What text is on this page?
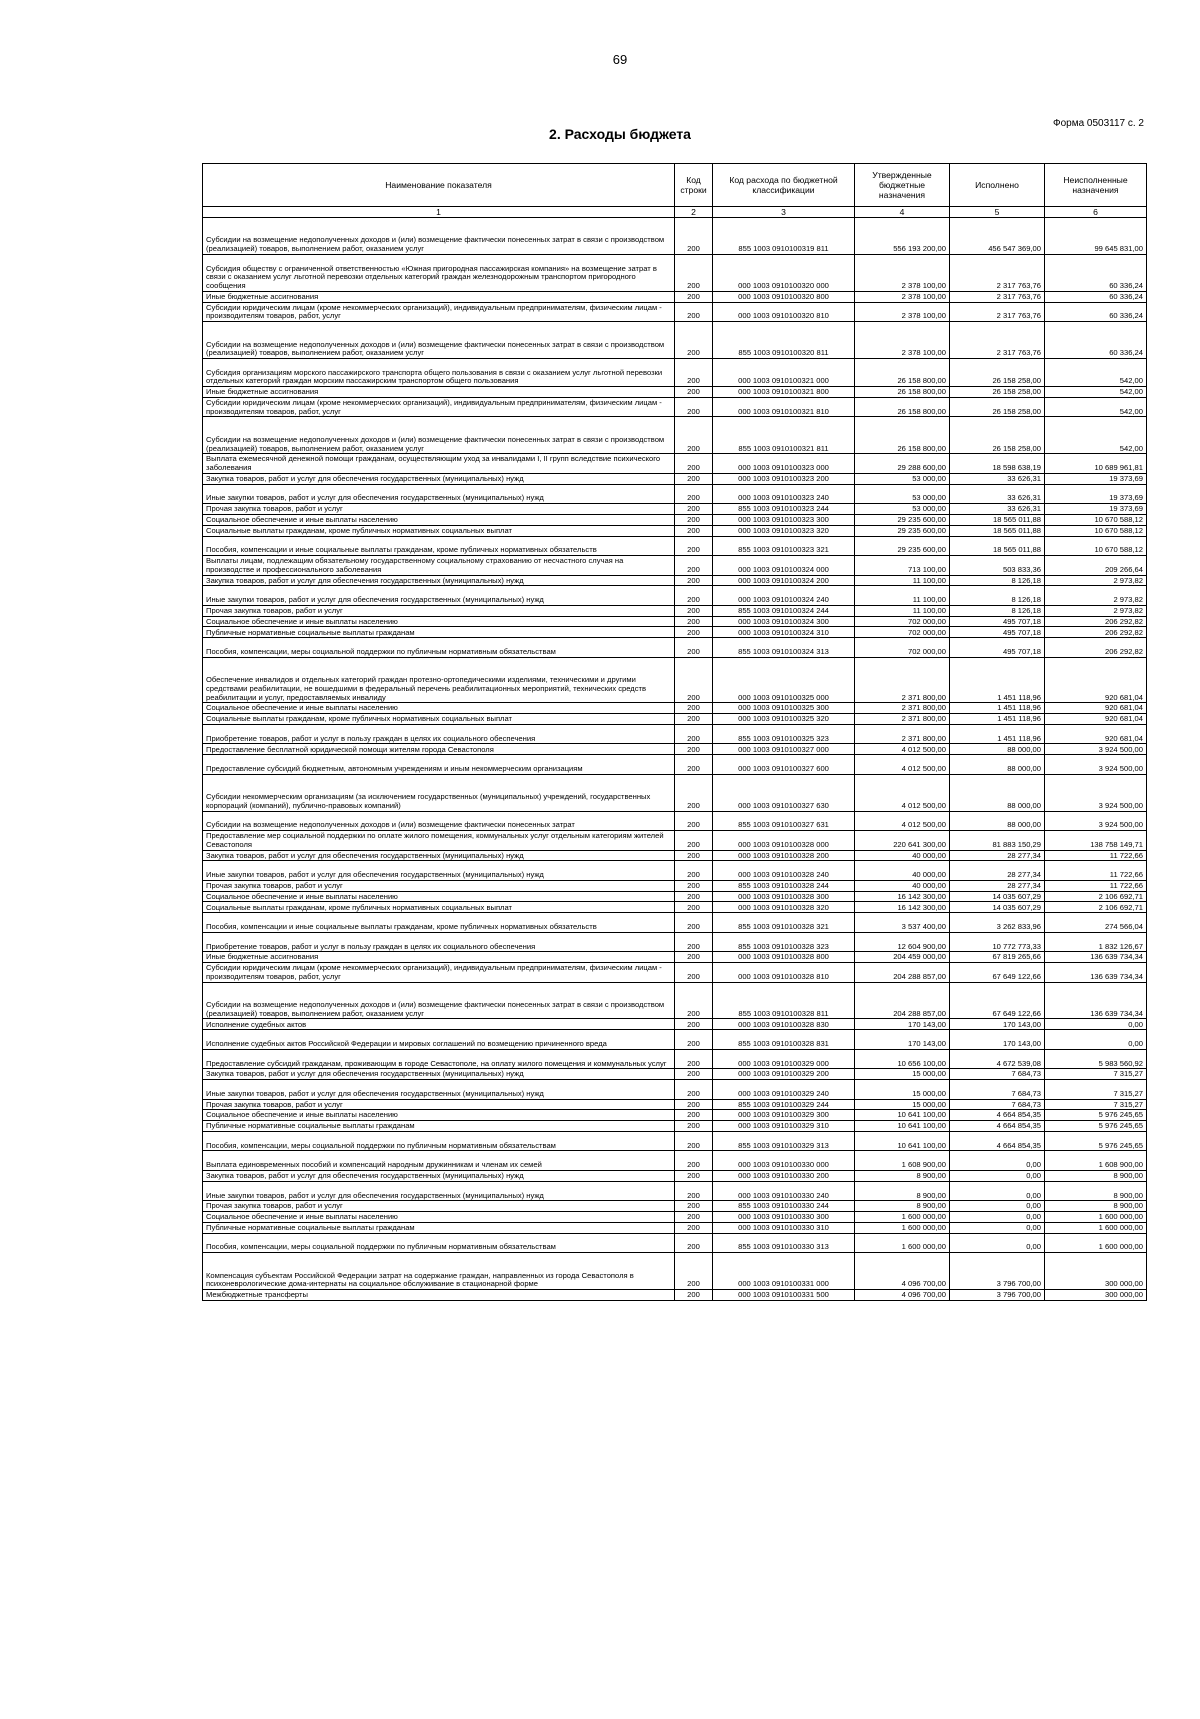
69
Форма 0503117 с. 2
2. Расходы бюджета
Наименование показателя	Код строки	Код расхода по бюджетной классификации	Утвержденные бюджетные назначения	Исполнено	Неисполненные назначения
1	2	3	4	5	6
Субсидии на возмещение недополученных доходов и (или) возмещение фактически понесенных затрат в связи с производством (реализацией) товаров, выполнением работ, оказанием услуг	200	855 1003 0910100319 811	556 193 200,00	456 547 369,00	99 645 831,00
Субсидия обществу с ограниченной ответственностью «Южная пригородная пассажирская компания» на возмещение затрат в связи с оказанием услуг льготной перевозки отдельных категорий граждан железнодорожным транспортом пригородного сообщения	200	000 1003 0910100320 000	2 378 100,00	2 317 763,76	60 336,24
Иные бюджетные ассигнования	200	000 1003 0910100320 800	2 378 100,00	2 317 763,76	60 336,24
Субсидии юридическим лицам (кроме некоммерческих организаций), индивидуальным предпринимателям, физическим лицам - производителям товаров, работ, услуг	200	000 1003 0910100320 810	2 378 100,00	2 317 763,76	60 336,24
Субсидии на возмещение недополученных доходов и (или) возмещение фактически понесенных затрат в связи с производством (реализацией) товаров, выполнением работ, оказанием услуг	200	855 1003 0910100320 811	2 378 100,00	2 317 763,76	60 336,24
Субсидия организациям морского пассажирского транспорта общего пользования в связи с оказанием услуг льготной перевозки отдельных категорий граждан морским пассажирским транспортом общего пользования	200	000 1003 0910100321 000	26 158 800,00	26 158 258,00	542,00
Иные бюджетные ассигнования	200	000 1003 0910100321 800	26 158 800,00	26 158 258,00	542,00
Субсидии юридическим лицам (кроме некоммерческих организаций), индивидуальным предпринимателям, физическим лицам - производителям товаров, работ, услуг	200	000 1003 0910100321 810	26 158 800,00	26 158 258,00	542,00
Субсидии на возмещение недополученных доходов и (или) возмещение фактически понесенных затрат в связи с производством (реализацией) товаров, выполнением работ, оказанием услуг	200	855 1003 0910100321 811	26 158 800,00	26 158 258,00	542,00
Выплата ежемесячной денежной помощи гражданам, осуществляющим уход за инвалидами I, II групп вследствие психического заболевания	200	000 1003 0910100323 000	29 288 600,00	18 598 638,19	10 689 961,81
Закупка товаров, работ и услуг для обеспечения государственных (муниципальных) нужд	200	000 1003 0910100323 200	53 000,00	33 626,31	19 373,69
Иные закупки товаров, работ и услуг для обеспечения государственных (муниципальных) нужд	200	000 1003 0910100323 240	53 000,00	33 626,31	19 373,69
Прочая закупка товаров, работ и услуг	200	855 1003 0910100323 244	53 000,00	33 626,31	19 373,69
Социальное обеспечение и иные выплаты населению	200	000 1003 0910100323 300	29 235 600,00	18 565 011,88	10 670 588,12
Социальные выплаты гражданам, кроме публичных нормативных социальных выплат	200	000 1003 0910100323 320	29 235 600,00	18 565 011,88	10 670 588,12
Пособия, компенсации и иные социальные выплаты гражданам, кроме публичных нормативных обязательств	200	855 1003 0910100323 321	29 235 600,00	18 565 011,88	10 670 588,12
Выплаты лицам, подлежащим обязательному государственному социальному страхованию от несчастного случая на производстве и профессионального заболевания	200	000 1003 0910100324 000	713 100,00	503 833,36	209 266,64
Закупка товаров, работ и услуг для обеспечения государственных (муниципальных) нужд	200	000 1003 0910100324 200	11 100,00	8 126,18	2 973,82
Иные закупки товаров, работ и услуг для обеспечения государственных (муниципальных) нужд	200	000 1003 0910100324 240	11 100,00	8 126,18	2 973,82
Прочая закупка товаров, работ и услуг	200	855 1003 0910100324 244	11 100,00	8 126,18	2 973,82
Социальное обеспечение и иные выплаты населению	200	000 1003 0910100324 300	702 000,00	495 707,18	206 292,82
Публичные нормативные социальные выплаты гражданам	200	000 1003 0910100324 310	702 000,00	495 707,18	206 292,82
Пособия, компенсации, меры социальной поддержки по публичным нормативным обязательствам	200	855 1003 0910100324 313	702 000,00	495 707,18	206 292,82
Обеспечение инвалидов и отдельных категорий граждан протезно-ортопедическими изделиями, техническими и другими средствами реабилитации, не вошедшими в федеральный перечень реабилитационных мероприятий, технических средств реабилитации и услуг, предоставляемых инвалиду	200	000 1003 0910100325 000	2 371 800,00	1 451 118,96	920 681,04
Социальное обеспечение и иные выплаты населению	200	000 1003 0910100325 300	2 371 800,00	1 451 118,96	920 681,04
Социальные выплаты гражданам, кроме публичных нормативных социальных выплат	200	000 1003 0910100325 320	2 371 800,00	1 451 118,96	920 681,04
Приобретение товаров, работ и услуг в пользу граждан в целях их социального обеспечения	200	855 1003 0910100325 323	2 371 800,00	1 451 118,96	920 681,04
Предоставление бесплатной юридической помощи жителям города Севастополя	200	000 1003 0910100327 000	4 012 500,00	88 000,00	3 924 500,00
Предоставление субсидий бюджетным, автономным учреждениям и иным некоммерческим организациям	200	000 1003 0910100327 600	4 012 500,00	88 000,00	3 924 500,00
Субсидии некоммерческим организациям (за исключением государственных (муниципальных) учреждений, государственных корпораций (компаний), публично-правовых компаний)	200	000 1003 0910100327 630	4 012 500,00	88 000,00	3 924 500,00
Субсидии на возмещение недополученных доходов и (или) возмещение фактически понесенных затрат	200	855 1003 0910100327 631	4 012 500,00	88 000,00	3 924 500,00
Предоставление мер социальной поддержки по оплате жилого помещения, коммунальных услуг отдельным категориям жителей Севастополя	200	000 1003 0910100328 000	220 641 300,00	81 883 150,29	138 758 149,71
Закупка товаров, работ и услуг для обеспечения государственных (муниципальных) нужд	200	000 1003 0910100328 200	40 000,00	28 277,34	11 722,66
Иные закупки товаров, работ и услуг для обеспечения государственных (муниципальных) нужд	200	000 1003 0910100328 240	40 000,00	28 277,34	11 722,66
Прочая закупка товаров, работ и услуг	200	855 1003 0910100328 244	40 000,00	28 277,34	11 722,66
Социальное обеспечение и иные выплаты населению	200	000 1003 0910100328 300	16 142 300,00	14 035 607,29	2 106 692,71
Социальные выплаты гражданам, кроме публичных нормативных социальных выплат	200	000 1003 0910100328 320	16 142 300,00	14 035 607,29	2 106 692,71
Пособия, компенсации и иные социальные выплаты гражданам, кроме публичных нормативных обязательств	200	855 1003 0910100328 321	3 537 400,00	3 262 833,96	274 566,04
Приобретение товаров, работ и услуг в пользу граждан в целях их социального обеспечения	200	855 1003 0910100328 323	12 604 900,00	10 772 773,33	1 832 126,67
Иные бюджетные ассигнования	200	000 1003 0910100328 800	204 459 000,00	67 819 265,66	136 639 734,34
Субсидии юридическим лицам (кроме некоммерческих организаций), индивидуальным предпринимателям, физическим лицам - производителям товаров, работ, услуг	200	000 1003 0910100328 810	204 288 857,00	67 649 122,66	136 639 734,34
Субсидии на возмещение недополученных доходов и (или) возмещение фактически понесенных затрат в связи с производством (реализацией) товаров, выполнением работ, оказанием услуг	200	855 1003 0910100328 811	204 288 857,00	67 649 122,66	136 639 734,34
Исполнение судебных актов	200	000 1003 0910100328 830	170 143,00	170 143,00	0,00
Исполнение судебных актов Российской Федерации и мировых соглашений по возмещению причиненного вреда	200	855 1003 0910100328 831	170 143,00	170 143,00	0,00
Предоставление субсидий гражданам, проживающим в городе Севастополе, на оплату жилого помещения и коммунальных услуг	200	000 1003 0910100329 000	10 656 100,00	4 672 539,08	5 983 560,92
Закупка товаров, работ и услуг для обеспечения государственных (муниципальных) нужд	200	000 1003 0910100329 200	15 000,00	7 684,73	7 315,27
Иные закупки товаров, работ и услуг для обеспечения государственных (муниципальных) нужд	200	000 1003 0910100329 240	15 000,00	7 684,73	7 315,27
Прочая закупка товаров, работ и услуг	200	855 1003 0910100329 244	15 000,00	7 684,73	7 315,27
Социальное обеспечение и иные выплаты населению	200	000 1003 0910100329 300	10 641 100,00	4 664 854,35	5 976 245,65
Публичные нормативные социальные выплаты гражданам	200	000 1003 0910100329 310	10 641 100,00	4 664 854,35	5 976 245,65
Пособия, компенсации, меры социальной поддержки по публичным нормативным обязательствам	200	855 1003 0910100329 313	10 641 100,00	4 664 854,35	5 976 245,65
Выплата единовременных пособий и компенсаций народным дружинникам и членам их семей	200	000 1003 0910100330 000	1 608 900,00	0,00	1 608 900,00
Закупка товаров, работ и услуг для обеспечения государственных (муниципальных) нужд	200	000 1003 0910100330 200	8 900,00	0,00	8 900,00
Иные закупки товаров, работ и услуг для обеспечения государственных (муниципальных) нужд	200	000 1003 0910100330 240	8 900,00	0,00	8 900,00
Прочая закупка товаров, работ и услуг	200	855 1003 0910100330 244	8 900,00	0,00	8 900,00
Социальное обеспечение и иные выплаты населению	200	000 1003 0910100330 300	1 600 000,00	0,00	1 600 000,00
Публичные нормативные социальные выплаты гражданам	200	000 1003 0910100330 310	1 600 000,00	0,00	1 600 000,00
Пособия, компенсации, меры социальной поддержки по публичным нормативным обязательствам	200	855 1003 0910100330 313	1 600 000,00	0,00	1 600 000,00
Компенсация субъектам Российской Федерации затрат на содержание граждан, направленных из города Севастополя в психоневрологические дома-интернаты на социальное обслуживание в стационарной форме	200	000 1003 0910100331 000	4 096 700,00	3 796 700,00	300 000,00
Межбюджетные трансферты	200	000 1003 0910100331 500	4 096 700,00	3 796 700,00	300 000,00
